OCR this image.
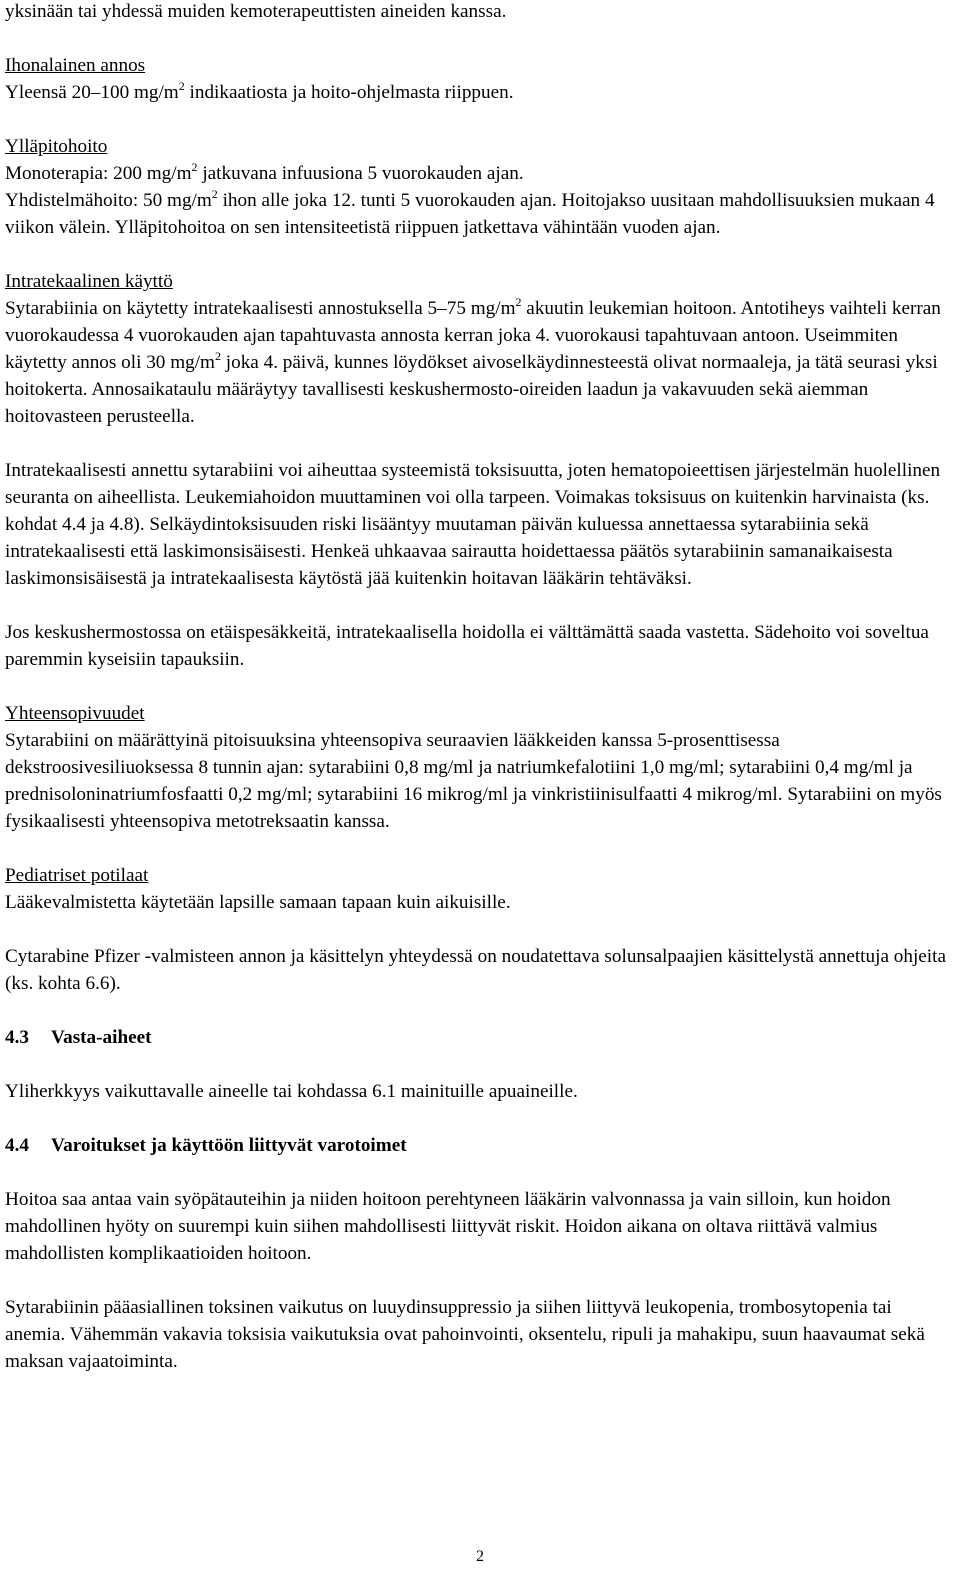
yksinään tai yhdessä muiden kemoterapeuttisten aineiden kanssa.

Ihonalainen annos

Yleensä 20–100 $mg/m^2$ indikaatiosta ja hoito-ohjelmasta riippuen.

Ylläpitohoito

Monoterapia: 200 $mg/m^2$ jatkuvana infuusiona 5 vuorokauden ajan.

Yhdistelmähoito: 50 $mg/m^2$ ihon alle joka 12. tunti 5 vuorokauden ajan. Hoitojakso uusitaan mahdollisuuksien mukaan 4 viikon välein. Ylläpitohoitoa on sen intensiteetistä riippuen jatkettava vähintään vuoden ajan.

Intratekaalinen käyttö

Sytarabiinia on käytetty intratekaalisesti annostuksella 5–75 $mg/m^2$ akuutin leukemian hoitoon. Antotiheys vaihteli kerran vuorokaudessa 4 vuorokauden ajan tapahtuvasta annosta kerran joka 4. vuorokausi tapahtuvaan antoon. Useimmiten käytetty annos oli 30 $mg/m^2$ joka 4. päivä, kunnes löydökset aivoselkäydinnesteestä olivat normaaleja, ja tätä seurasi yksi hoitokerta. Annosaikataulu määräytyy tavallisesti keskushermosto-oireiden laadun ja vakavuuden sekä aiemman hoitovasteen perusteella.

Intratekaalisesti annettu sytarabiini voi aiheuttaa systeemistä toksisuutta, joten hematopoieettisen järjestelmän huolellinen seuranta on aiheellista. Leukemiahoidon muuttaminen voi olla tarpeen. Voimakas toksisuus on kuitenkin harvinaista (ks. kohdat 4.4 ja 4.8). Selkäydintoksisuuden riski lisääntyy muutaman päivän kuluessa annettaessa sytarabiinia sekä intratekaalisesti että laskimonsisäisesti. Henkeä uhkaavaa sairautta hoidettaessa päätös sytarabiinin samanaikaisesta laskimonsisäisestä ja intratekaalisesta käytöstä jää kuitenkin hoitavan lääkärin tehtäväksi.

Jos keskushermostossa on etäispesäkkeitä, intratekaalisella hoidolla ei välttämättä saada vastetta. Sädehoito voi soveltua paremmin kyseisiin tapauksiin.

Yhteensopivuudet

Sytarabiini on määrättyinä pitoisuuksina yhteensopiva seuraavien lääkkeiden kanssa 5-prosenttisessa dekstroosivesiliuoksessa 8 tunnin ajan: sytarabiini 0,8 mg/ml ja natriumkefalotiini 1,0 mg/ml; sytarabiini 0,4 mg/ml ja prednisoloninatriumfosfaatti 0,2 mg/ml; sytarabiini 16 mikrog/ml ja vinkristiinisulfaatti 4 mikrog/ml. Sytarabiini on myös fysikaalisesti yhteensopiva metotreksaatin kanssa.

Pediatriset potilaat

Lääkevalmistetta käytetään lapsille samaan tapaan kuin aikuisille.

Cytarabine Pfizer -valmisteen annon ja käsittelyn yhteydessä on noudatettava solunsalpaajien käsittelystä annettuja ohjeita (ks. kohta 6.6).

4.3 Vasta-aiheet

Yliherkkyys vaikuttavalle aineelle tai kohdassa 6.1 mainituille apuaineille.

4.4 Varoitukset ja käyttöön liittyvät varotoimet

Hoitoa saa antaa vain syöpätauteihin ja niiden hoitoon perehtyneen lääkärin valvonnassa ja vain silloin, kun hoidon mahdollinen hyöty on suurempi kuin siihen mahdollisesti liittyvät riskit. Hoidon aikana on oltava riittävä valmius mahdollisten komplikaatioiden hoitoon.

Sytarabiinin pääasiallinen toksinen vaikutus on luuydinsuppressio ja siihen liittyvä leukopenia, trombosytopenia tai anemia. Vähemmän vakavia toksisia vaikutuksia ovat pahoinvointi, oksentelu, ripuli ja mahakipu, suun haavaumat sekä maksan vajaatoiminta.

2
